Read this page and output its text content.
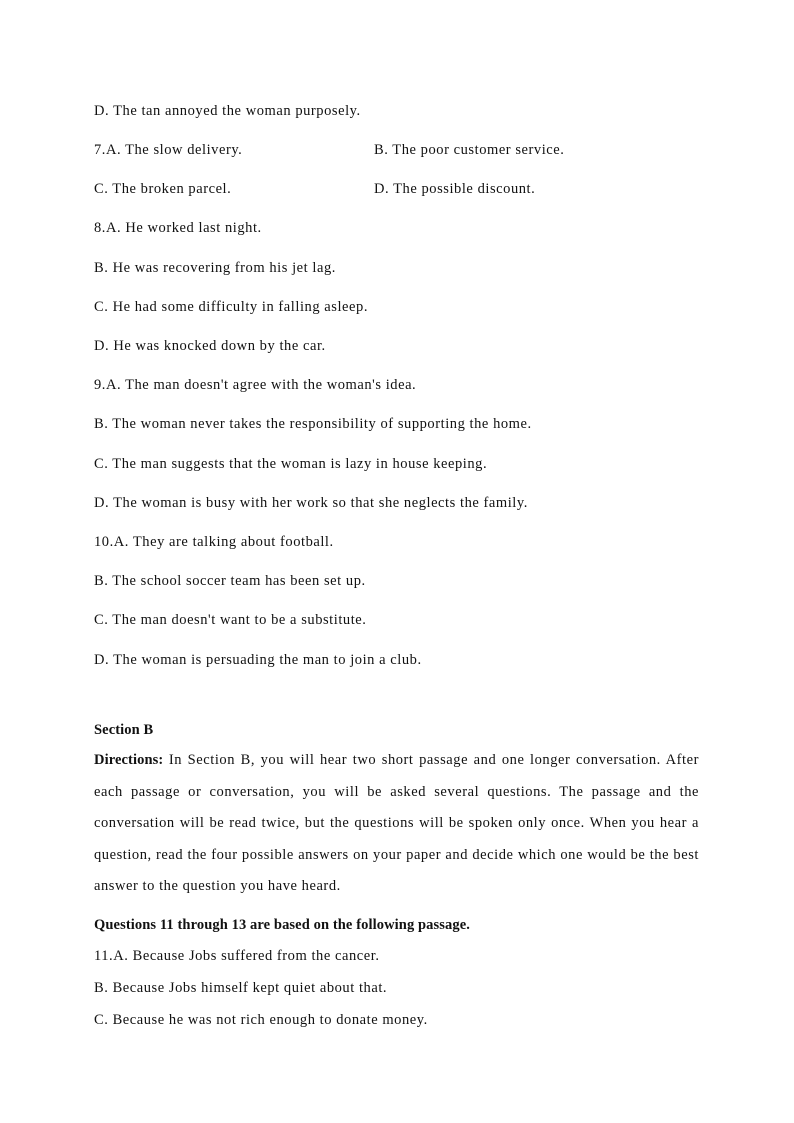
D. The tan annoyed the woman purposely.
7.A. The slow delivery.	B. The poor customer service.
C. The broken parcel.	D. The possible discount.
8.A. He worked last night.
B. He was recovering from his jet lag.
C. He had some difficulty in falling asleep.
D. He was knocked down by the car.
9.A. The man doesn't agree with the woman's idea.
B. The woman never takes the responsibility of supporting the home.
C. The man suggests that the woman is lazy in house keeping.
D. The woman is busy with her work so that she neglects the family.
10.A. They are talking about football.
B. The school soccer team has been set up.
C. The man doesn't want to be a substitute.
D. The woman is persuading the man to join a club.
Section B
Directions: In Section B, you will hear two short passage and one longer conversation. After each passage or conversation, you will be asked several questions. The passage and the conversation will be read twice, but the questions will be spoken only once. When you hear a question, read the four possible answers on your paper and decide which one would be the best answer to the question you have heard.
Questions 11 through 13 are based on the following passage.
11.A. Because Jobs suffered from the cancer.
B. Because Jobs himself kept quiet about that.
C. Because he was not rich enough to donate money.
